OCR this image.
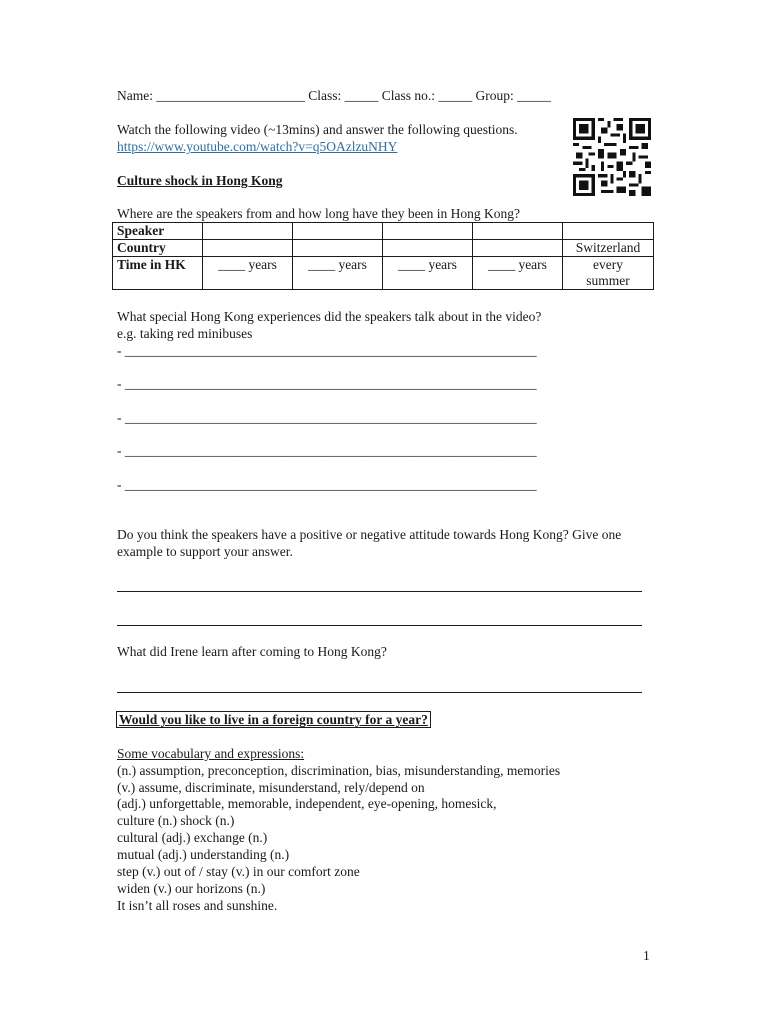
Name: ______________________ Class: _____ Class no.: _____ Group: _____
Watch the following video (~13mins) and answer the following questions.
https://www.youtube.com/watch?v=q5OAzlzuNHY
Culture shock in Hong Kong
Where are the speakers from and how long have they been in Hong Kong?
Speaker					
Country					Switzerland
Time in HK	____ years	____ years	____ years	____ years	every
summer
What special Hong Kong experiences did the speakers talk about in the video?
e.g. taking red minibuses
- _____________________________________________________________
- _____________________________________________________________
- _____________________________________________________________
- _____________________________________________________________
- _____________________________________________________________
Do you think the speakers have a positive or negative attitude towards Hong Kong? Give one
example to support your answer.
What did Irene learn after coming to Hong Kong?
Would you like to live in a foreign country for a year?
Some vocabulary and expressions:
(n.) assumption, preconception, discrimination, bias, misunderstanding, memories
(v.) assume, discriminate, misunderstand, rely/depend on
(adj.) unforgettable, memorable, independent, eye-opening, homesick,
culture (n.) shock (n.)
cultural (adj.) exchange (n.)
mutual (adj.) understanding (n.)
step (v.) out of / stay (v.) in our comfort zone
widen (v.) our horizons (n.)
It isn’t all roses and sunshine.
1
